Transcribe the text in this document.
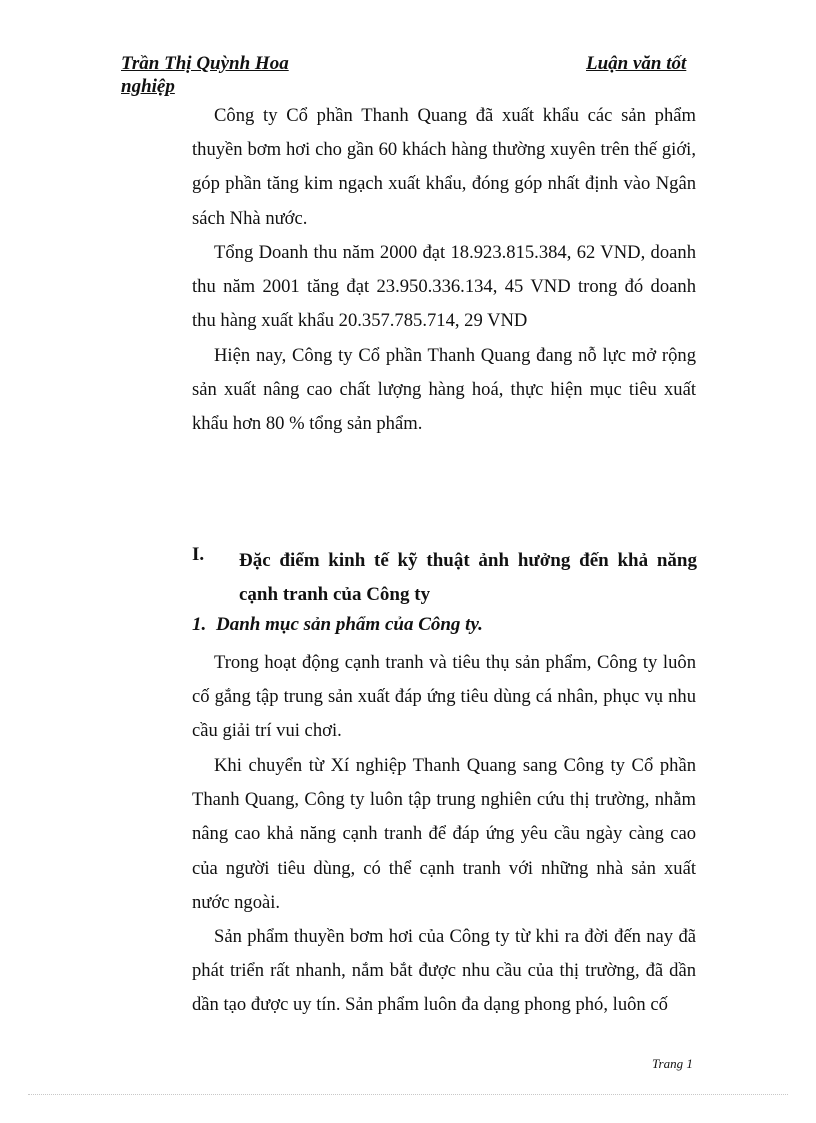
Trần Thị Quỳnh Hoa	Luận văn tốt
nghiệp

Công ty Cổ phần Thanh Quang đã xuất khẩu các sản phẩm thuyền bơm hơi cho gần 60 khách hàng thường xuyên trên thế giới, góp phần tăng kim ngạch xuất khẩu, đóng góp nhất định vào Ngân sách Nhà nước.

Tổng Doanh thu năm 2000 đạt 18.923.815.384, 62 VND, doanh thu năm 2001 tăng đạt 23.950.336.134, 45 VND trong đó doanh thu hàng xuất khẩu 20.357.785.714, 29 VND

Hiện nay, Công ty Cổ phần Thanh Quang đang nỗ lực mở rộng sản xuất nâng cao chất lượng hàng hoá, thực hiện mục tiêu xuất khẩu hơn 80 % tổng sản phẩm.

I. Đặc điểm kinh tế kỹ thuật ảnh hưởng đến khả năng cạnh tranh của Công ty

1. Danh mục sản phẩm của Công ty.

Trong hoạt động cạnh tranh và tiêu thụ sản phẩm, Công ty luôn cố gắng tập trung sản xuất đáp ứng tiêu dùng cá nhân, phục vụ nhu cầu giải trí vui chơi.

Khi chuyển từ Xí nghiệp Thanh Quang sang Công ty Cổ phần Thanh Quang, Công ty luôn tập trung nghiên cứu thị trường, nhằm nâng cao khả năng cạnh tranh để đáp ứng yêu cầu ngày càng cao của người tiêu dùng, có thể cạnh tranh với những nhà sản xuất nước ngoài.

Sản phẩm thuyền bơm hơi của Công ty từ khi ra đời đến nay đã phát triển rất nhanh, nắm bắt được nhu cầu của thị trường, đã dần dần tạo được uy tín. Sản phẩm luôn đa dạng phong phó, luôn cố

Trang 1
